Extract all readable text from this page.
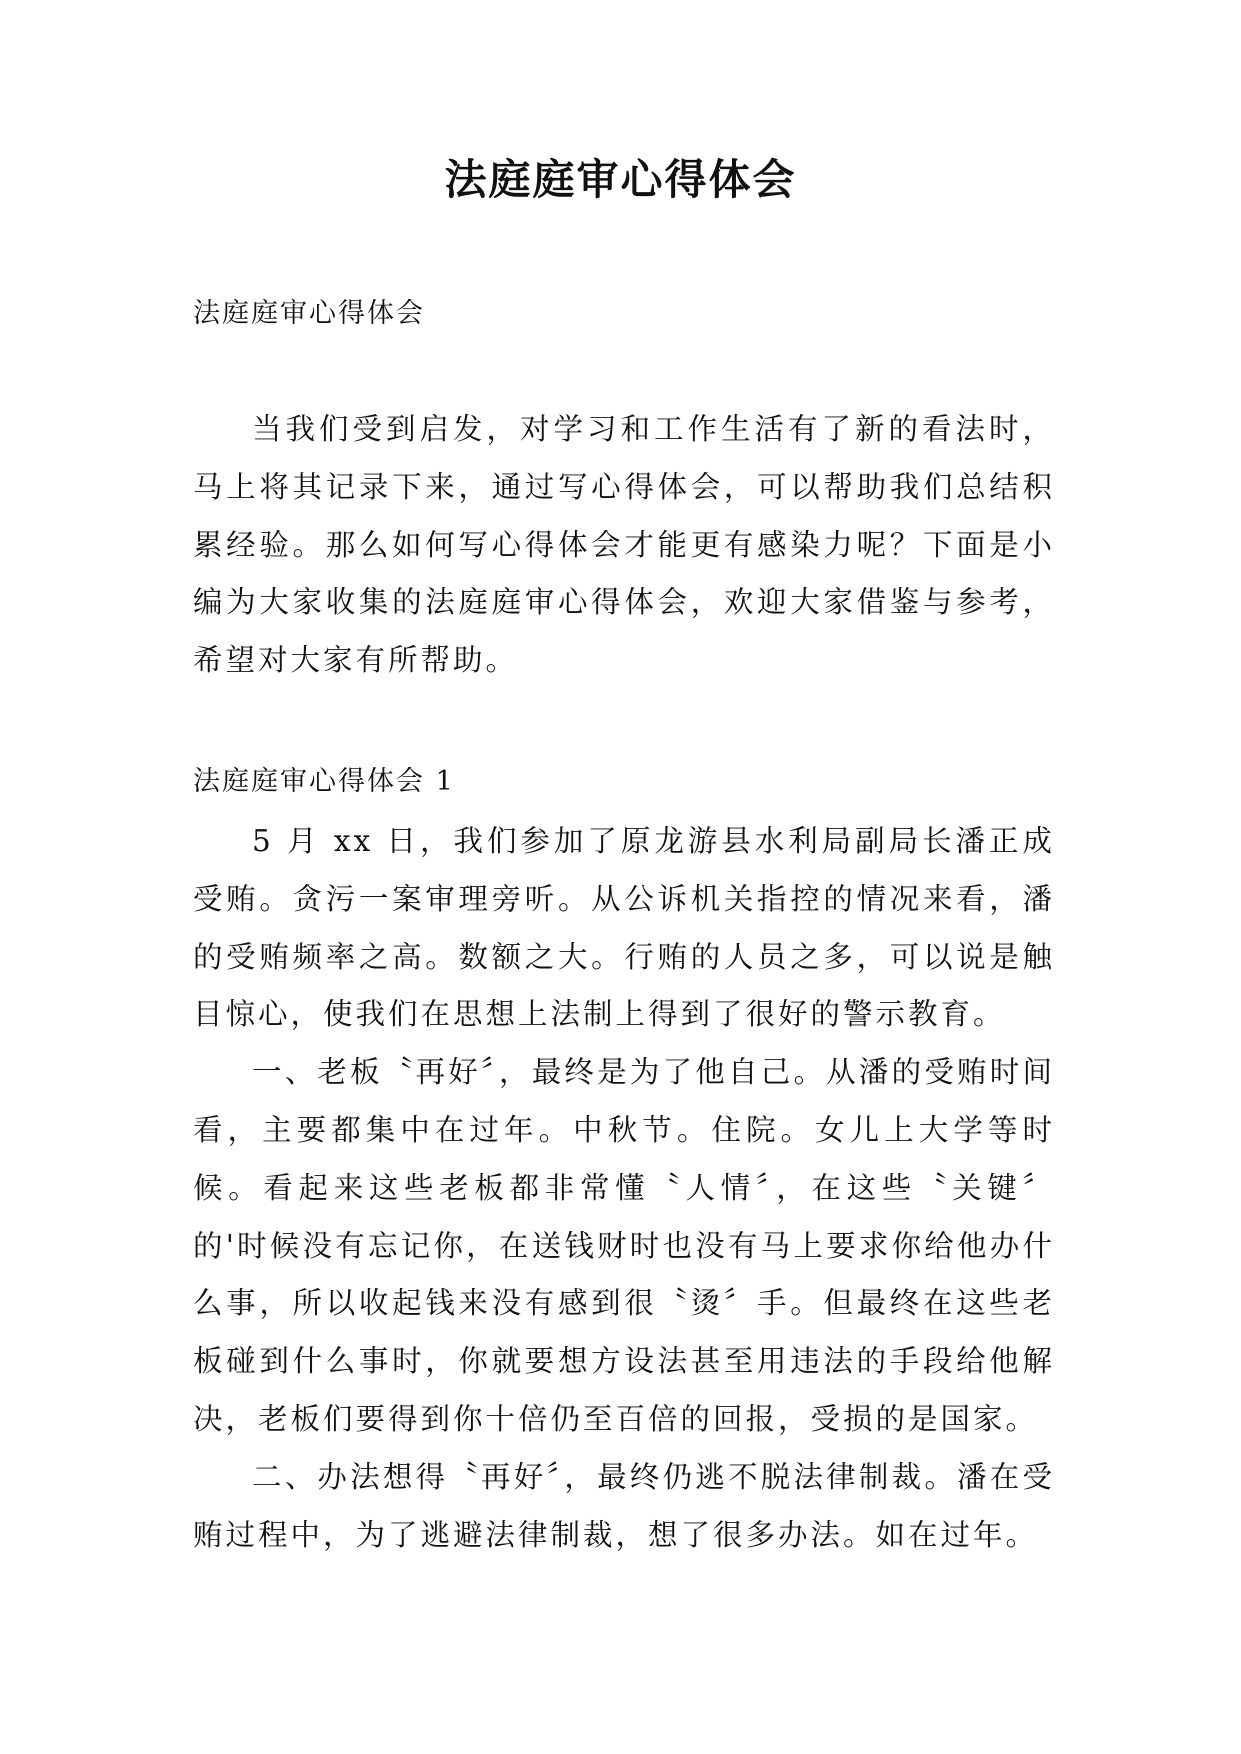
法庭庭审心得体会

法庭庭审心得体会

当我们受到启发，对学习和工作生活有了新的看法时，马上将其记录下来，通过写心得体会，可以帮助我们总结积累经验。那么如何写心得体会才能更有感染力呢？下面是小编为大家收集的法庭庭审心得体会，欢迎大家借鉴与参考，希望对大家有所帮助。

法庭庭审心得体会 1

5 月 xx 日，我们参加了原龙游县水利局副局长潘正成受贿。贪污一案审理旁听。从公诉机关指控的情况来看，潘的受贿频率之高。数额之大。行贿的人员之多，可以说是触目惊心，使我们在思想上法制上得到了很好的警示教育。

一、老板〝再好〞，最终是为了他自己。从潘的受贿时间看，主要都集中在过年。中秋节。住院。女儿上大学等时候。看起来这些老板都非常懂〝人情〞，在这些〝关键〞的'时候没有忘记你，在送钱财时也没有马上要求你给他办什么事，所以收起钱来没有感到很〝烫〞手。但最终在这些老板碰到什么事时，你就要想方设法甚至用违法的手段给他解决，老板们要得到你十倍仍至百倍的回报，受损的是国家。

二、办法想得〝再好〞，最终仍逃不脱法律制裁。潘在受贿过程中，为了逃避法律制裁，想了很多办法。如在过年。
